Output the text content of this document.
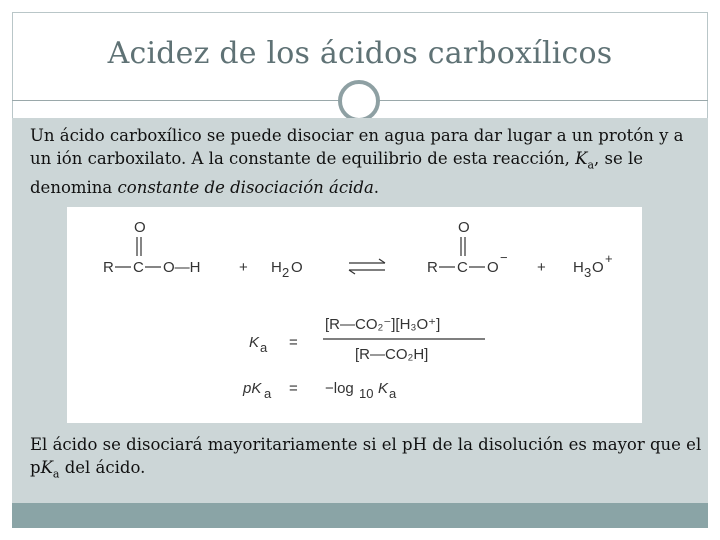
Acidez de los ácidos carboxílicos
Un ácido carboxílico se puede disociar en agua para dar lugar a un protón y a un ión carboxilato. A la constante de equilibrio de esta reacción, $K_a$, se le denomina constante de disociación ácida.
R C
O
O—H	+ H 2 O	R C
O
O
−
+ H 3 O
+
K a =
[R—CO₂⁻][H₃O⁺]
[R—CO₂H]
pK a = −log 10 K a
El ácido se disociará mayoritariamente si el pH de la disolución es mayor que el $pK_a$ del ácido.
